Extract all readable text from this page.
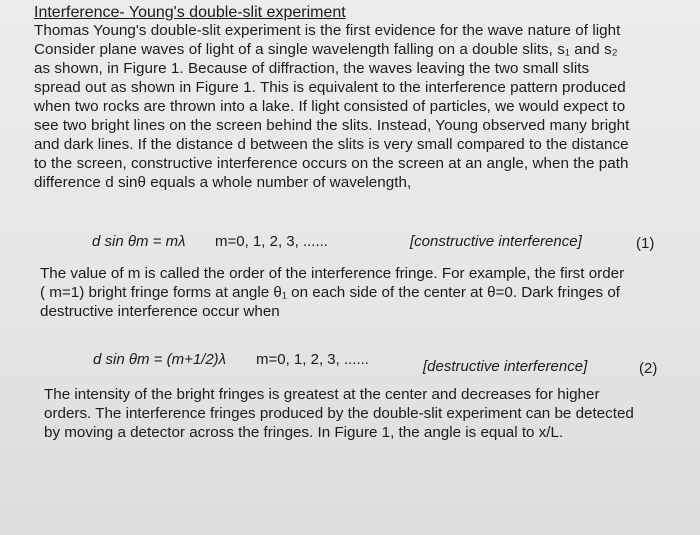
Interference- Young's double-slit experiment
Thomas Young's double-slit experiment is the first evidence for the wave nature of light
Consider plane waves of light of a single wavelength falling on a double slits, s₁ and s₂
as shown, in Figure 1. Because of diffraction, the waves leaving the two small slits
spread out as shown in Figure 1. This is equivalent to the interference pattern produced
when two rocks are thrown into a lake. If light consisted of particles, we would expect to
see two bright lines on the screen behind the slits. Instead, Young observed many bright
and dark lines. If the distance d between the slits is very small compared to the distance
to the screen, constructive interference occurs on the screen at an angle, when the path
difference d sinθ equals a whole number of wavelength,
d sin θm = mλ m=0, 1, 2, 3, ......	[constructive interference]	(1)
The value of m is called the order of the interference fringe. For example, the first order
( m=1) bright fringe forms at angle θ₁ on each side of the center at θ=0. Dark fringes of
destructive interference occur when
d sin θm = (m+1/2)λ m=0, 1, 2, 3, ......	[destructive interference]	(2)
The intensity of the bright fringes is greatest at the center and decreases for higher
orders. The interference fringes produced by the double-slit experiment can be detected
by moving a detector across the fringes. In Figure 1, the angle is equal to x/L.
